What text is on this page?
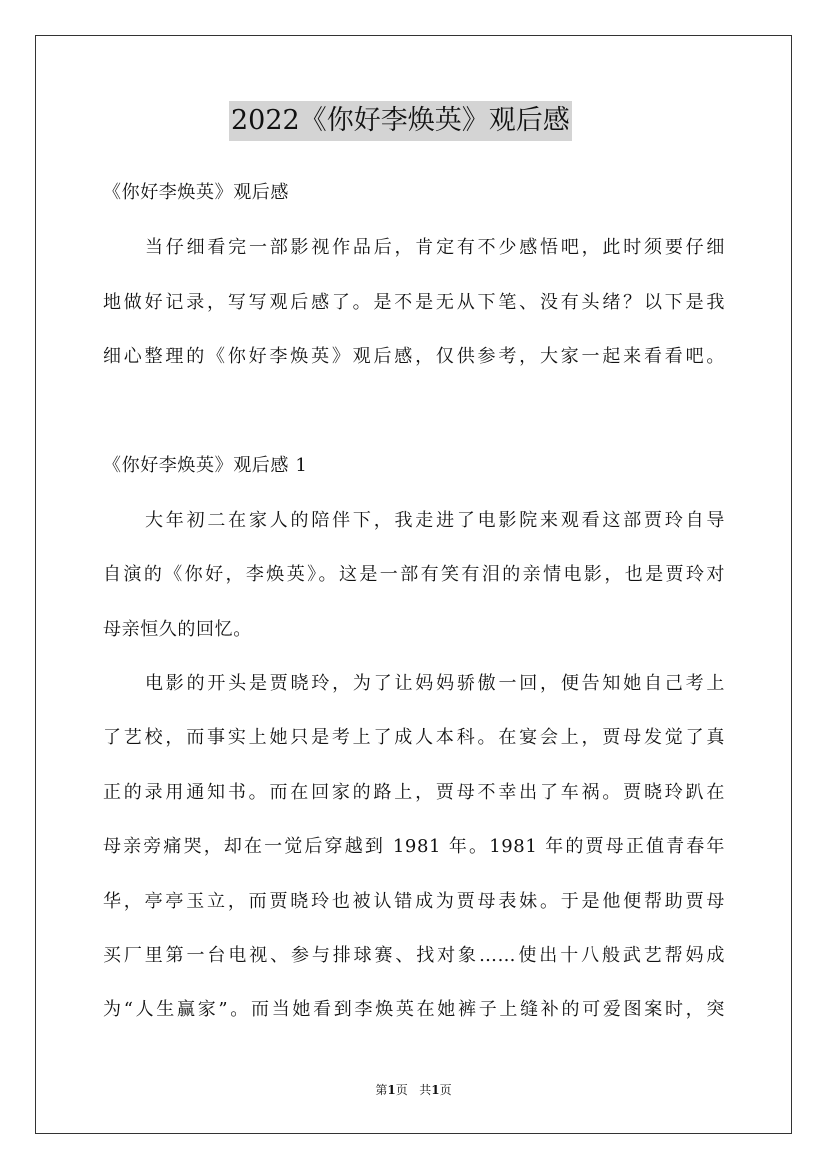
2022《你好李焕英》观后感
《你好李焕英》观后感
当仔细看完一部影视作品后，肯定有不少感悟吧，此时须要仔细
地做好记录，写写观后感了。是不是无从下笔、没有头绪？以下是我
细心整理的《你好李焕英》观后感，仅供参考，大家一起来看看吧。
《你好李焕英》观后感 1
大年初二在家人的陪伴下，我走进了电影院来观看这部贾玲自导
自演的《你好，李焕英》。这是一部有笑有泪的亲情电影，也是贾玲对
母亲恒久的回忆。
电影的开头是贾晓玲，为了让妈妈骄傲一回，便告知她自己考上
了艺校，而事实上她只是考上了成人本科。在宴会上，贾母发觉了真
正的录用通知书。而在回家的路上，贾母不幸出了车祸。贾晓玲趴在
母亲旁痛哭，却在一觉后穿越到 1981 年。1981 年的贾母正值青春年
华，亭亭玉立，而贾晓玲也被认错成为贾母表妹。于是他便帮助贾母
买厂里第一台电视、参与排球赛、找对象……使出十八般武艺帮妈成
为“人生赢家”。而当她看到李焕英在她裤子上缝补的可爱图案时，突
第1页 共1页
